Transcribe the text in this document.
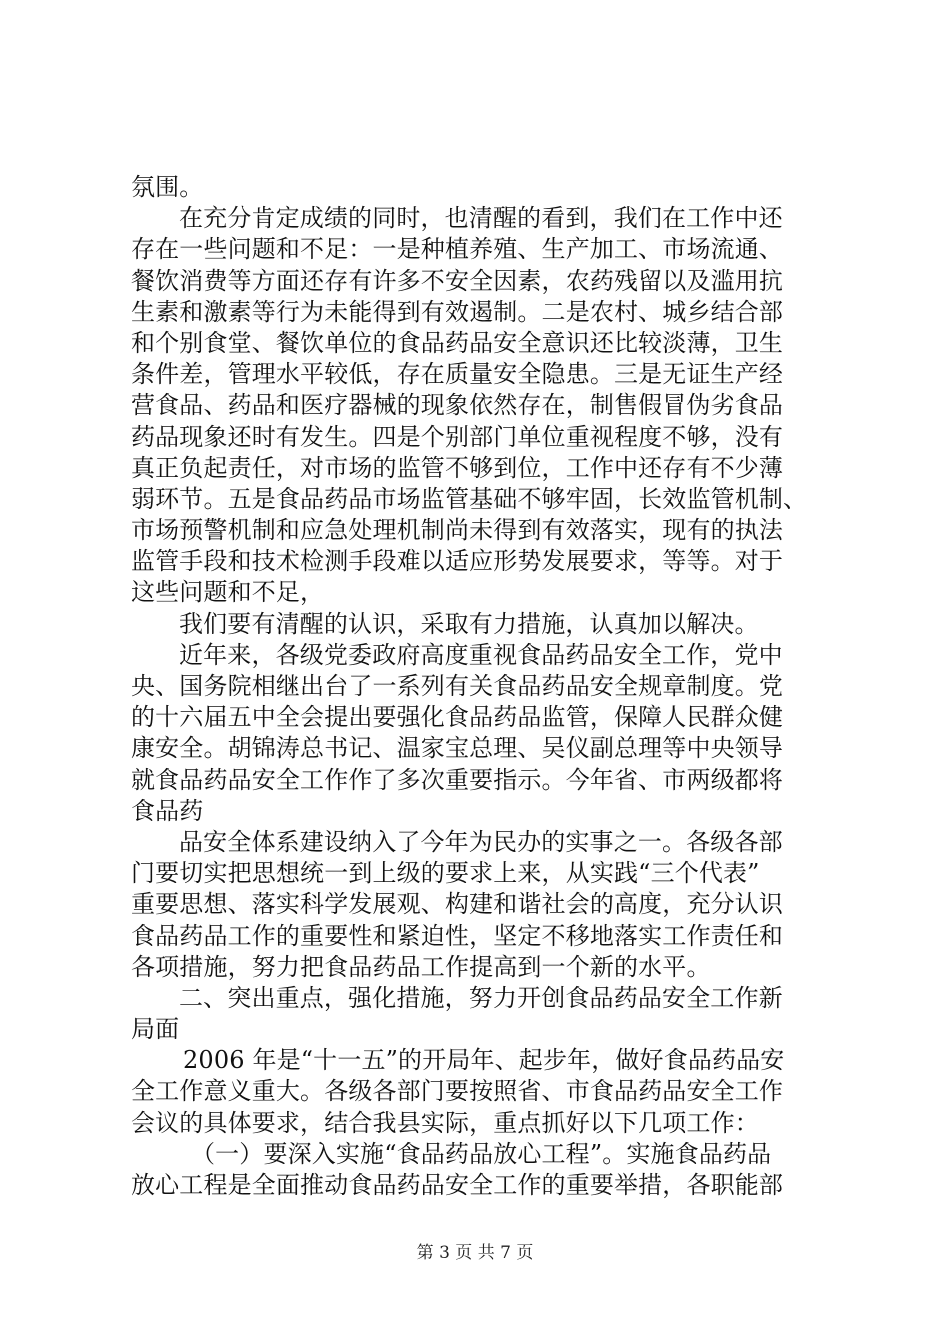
氛围。
在充分肯定成绩的同时，也清醒的看到，我们在工作中还
存在一些问题和不足：一是种植养殖、生产加工、市场流通、
餐饮消费等方面还存有许多不安全因素，农药残留以及滥用抗
生素和激素等行为未能得到有效遏制。二是农村、城乡结合部
和个别食堂、餐饮单位的食品药品安全意识还比较淡薄，卫生
条件差，管理水平较低，存在质量安全隐患。三是无证生产经
营食品、药品和医疗器械的现象依然存在，制售假冒伪劣食品
药品现象还时有发生。四是个别部门单位重视程度不够，没有
真正负起责任，对市场的监管不够到位，工作中还存有不少薄
弱环节。五是食品药品市场监管基础不够牢固，长效监管机制、
市场预警机制和应急处理机制尚未得到有效落实，现有的执法
监管手段和技术检测手段难以适应形势发展要求，等等。对于
这些问题和不足，
我们要有清醒的认识，采取有力措施，认真加以解决。
近年来，各级党委政府高度重视食品药品安全工作，党中
央、国务院相继出台了一系列有关食品药品安全规章制度。党
的十六届五中全会提出要强化食品药品监管，保障人民群众健
康安全。胡锦涛总书记、温家宝总理、吴仪副总理等中央领导
就食品药品安全工作作了多次重要指示。今年省、市两级都将
食品药
品安全体系建设纳入了今年为民办的实事之一。各级各部
门要切实把思想统一到上级的要求上来，从实践“三个代表”
重要思想、落实科学发展观、构建和谐社会的高度，充分认识
食品药品工作的重要性和紧迫性，坚定不移地落实工作责任和
各项措施，努力把食品药品工作提高到一个新的水平。
二、突出重点，强化措施，努力开创食品药品安全工作新
局面
2006 年是“十一五”的开局年、起步年，做好食品药品安
全工作意义重大。各级各部门要按照省、市食品药品安全工作
会议的具体要求，结合我县实际，重点抓好以下几项工作：
（一）要深入实施“食品药品放心工程”。实施食品药品
放心工程是全面推动食品药品安全工作的重要举措，各职能部
第 3 页 共 7 页
